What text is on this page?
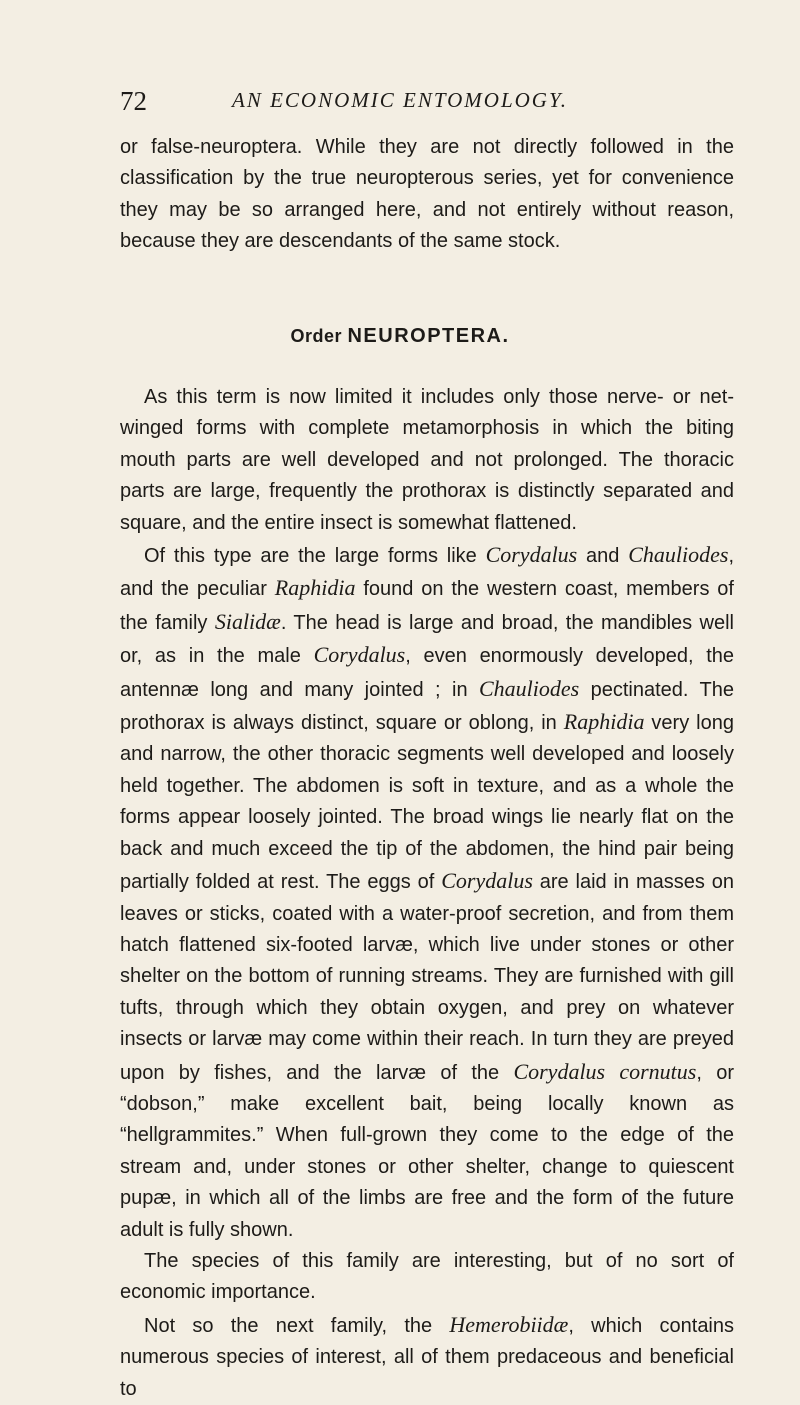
72	AN ECONOMIC ENTOMOLOGY.

or false-neuroptera. While they are not directly followed in the classification by the true neuropterous series, yet for convenience they may be so arranged here, and not entirely without reason, because they are descendants of the same stock.

Order NEUROPTERA.

As this term is now limited it includes only those nerve- or net-winged forms with complete metamorphosis in which the biting mouth parts are well developed and not prolonged. The thoracic parts are large, frequently the prothorax is distinctly separated and square, and the entire insect is somewhat flattened.

Of this type are the large forms like Corydalus and Chauliodes, and the peculiar Raphidia found on the western coast, members of the family Sialidæ. The head is large and broad, the mandibles well or, as in the male Corydalus, even enormously developed, the antennæ long and many jointed ; in Chauliodes pectinated. The prothorax is always distinct, square or oblong, in Raphidia very long and narrow, the other thoracic segments well developed and loosely held together. The abdomen is soft in texture, and as a whole the forms appear loosely jointed. The broad wings lie nearly flat on the back and much exceed the tip of the abdomen, the hind pair being partially folded at rest. The eggs of Corydalus are laid in masses on leaves or sticks, coated with a water-proof secretion, and from them hatch flattened six-footed larvæ, which live under stones or other shelter on the bottom of running streams. They are furnished with gill tufts, through which they obtain oxygen, and prey on whatever insects or larvæ may come within their reach. In turn they are preyed upon by fishes, and the larvæ of the Corydalus cornutus, or “dobson,” make excellent bait, being locally known as “hellgrammites.” When full-grown they come to the edge of the stream and, under stones or other shelter, change to quiescent pupæ, in which all of the limbs are free and the form of the future adult is fully shown.

The species of this family are interesting, but of no sort of economic importance.

Not so the next family, the Hemerobiidæ, which contains numerous species of interest, all of them predaceous and beneficial to
